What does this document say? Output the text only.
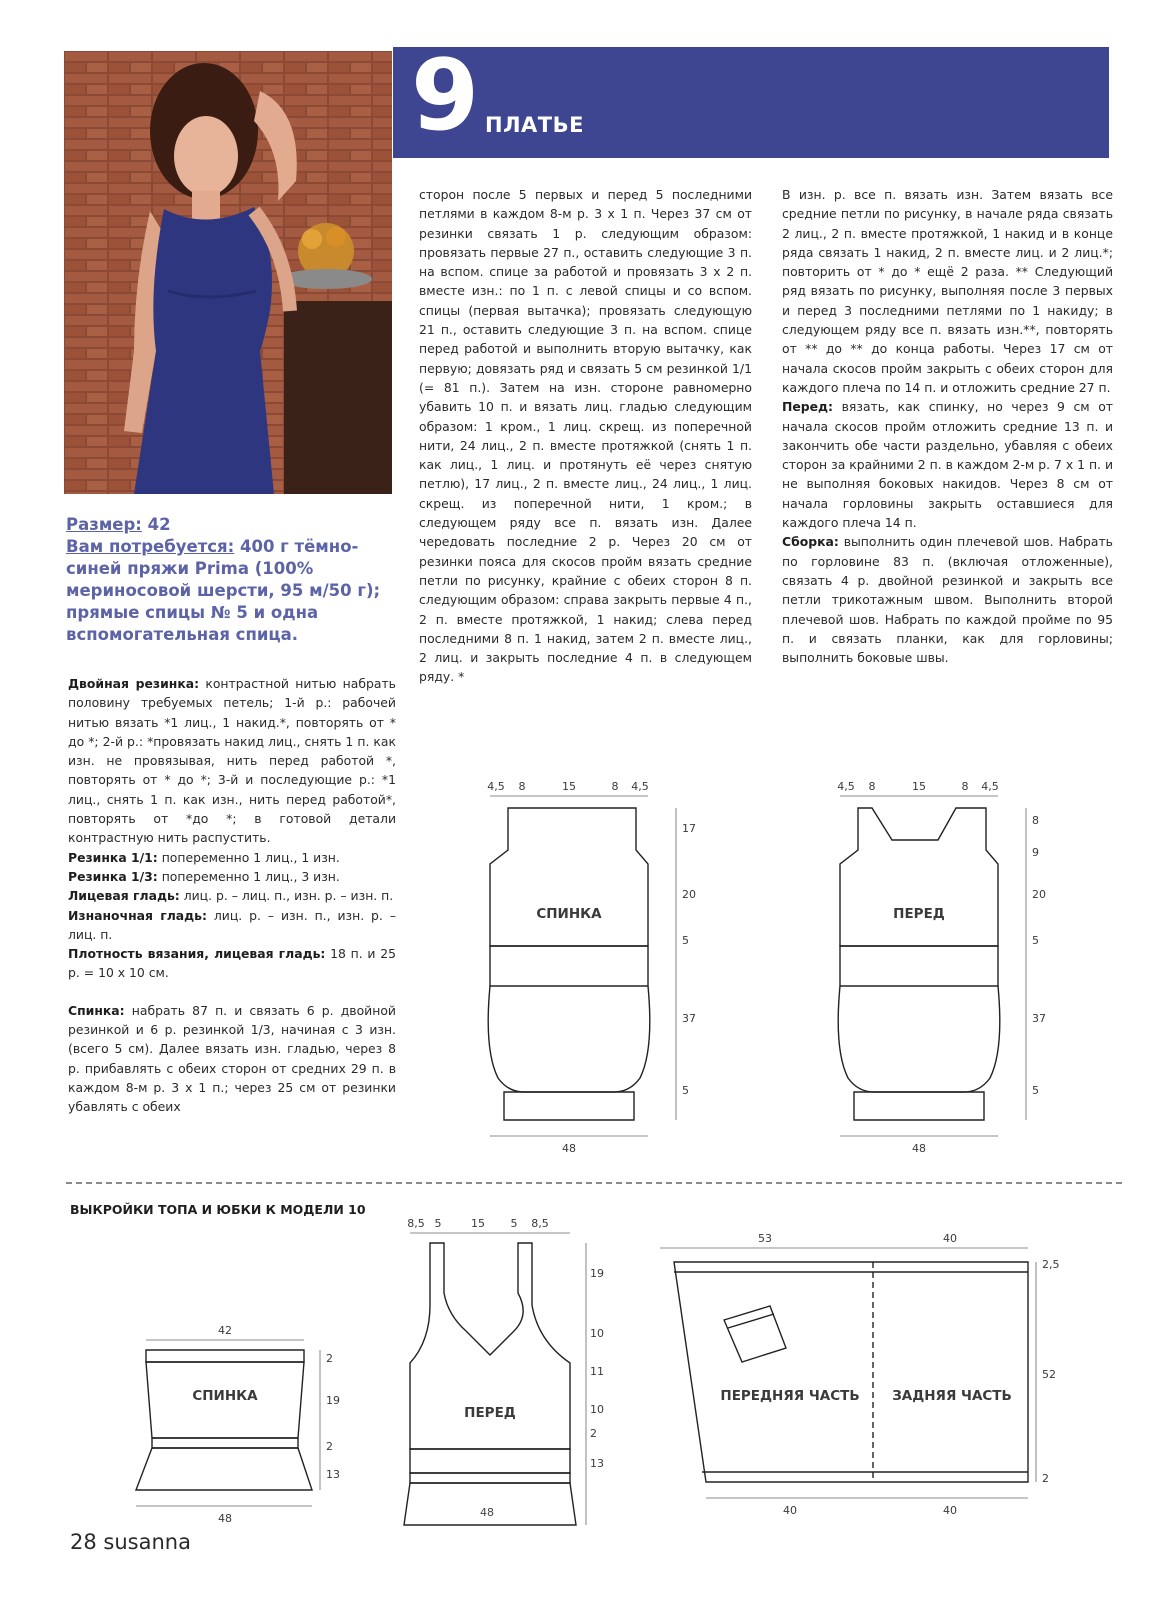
9 ПЛАТЬЕ
Размер: 42
Вам потребуется: 400 г тёмно-синей пряжи Prima (100% мериносовой шерсти, 95 м/50 г); прямые спицы № 5 и одна вспомогательная спица.

Двойная резинка: контрастной нитью набрать половину требуемых петель; 1-й р.: рабочей нитью вязать *1 лиц., 1 накид.*, повторять от * до *; 2-й р.: *провязать накид лиц., снять 1 п. как изн. не провязывая, нить перед работой *, повторять от * до *; 3-й и последующие р.: *1 лиц., снять 1 п. как изн., нить перед работой*, повторять от *до *; в готовой детали контрастную нить распустить.

Резинка 1/1: попеременно 1 лиц., 1 изн.

Резинка 1/3: попеременно 1 лиц., 3 изн.

Лицевая гладь: лиц. р. – лиц. п., изн. р. – изн. п.

Изнаночная гладь: лиц. р. – изн. п., изн. р. – лиц. п.

Плотность вязания, лицевая гладь: 18 п. и 25 р. = 10 х 10 см.

Спинка: набрать 87 п. и связать 6 р. двойной резинкой и 6 р. резинкой 1/3, начиная с 3 изн. (всего 5 см). Далее вязать изн. гладью, через 8 р. прибавлять с обеих сторон от средних 29 п. в каждом 8-м р. 3 х 1 п.; через 25 см от резинки убавлять с обеих

сторон после 5 первых и перед 5 последними петлями в каждом 8-м р. 3 х 1 п. Через 37 см от резинки связать 1 р. следующим образом: провязать первые 27 п., оставить следующие 3 п. на вспом. спице за работой и провязать 3 х 2 п. вместе изн.: по 1 п. с левой спицы и со вспом. спицы (первая вытачка); провязать следующую 21 п., оставить следующие 3 п. на вспом. спице перед работой и выполнить вторую вытачку, как первую; довязать ряд и связать 5 см резинкой 1/1 (= 81 п.). Затем на изн. стороне равномерно убавить 10 п. и вязать лиц. гладью следующим образом: 1 кром., 1 лиц. скрещ. из поперечной нити, 24 лиц., 2 п. вместе протяжкой (снять 1 п. как лиц., 1 лиц. и протянуть её через снятую петлю), 17 лиц., 2 п. вместе лиц., 24 лиц., 1 лиц. скрещ. из поперечной нити, 1 кром.; в следующем ряду все п. вязать изн. Далее чередовать последние 2 р. Через 20 см от резинки пояса для скосов пройм вязать средние петли по рисунку, крайние с обеих сторон 8 п. следующим образом: справа закрыть первые 4 п., 2 п. вместе протяжкой, 1 накид; слева перед последними 8 п. 1 накид, затем 2 п. вместе лиц., 2 лиц. и закрыть последние 4 п. в следующем ряду. *

В изн. р. все п. вязать изн. Затем вязать все средние петли по рисунку, в начале ряда связать 2 лиц., 2 п. вместе протяжкой, 1 накид и в конце ряда связать 1 накид, 2 п. вместе лиц. и 2 лиц.*; повторить от * до * ещё 2 раза. ** Следующий ряд вязать по рисунку, выполняя после 3 первых и перед 3 последними петлями по 1 накиду; в следующем ряду все п. вязать изн.**, повторять от ** до ** до конца работы. Через 17 см от начала скосов пройм закрыть с обеих сторон для каждого плеча по 14 п. и отложить средние 27 п.

Перед: вязать, как спинку, но через 9 см от начала скосов пройм отложить средние 13 п. и закончить обе части раздельно, убавляя с обеих сторон за крайними 2 п. в каждом 2-м р. 7 х 1 п. и не выполняя боковых накидов. Через 8 см от начала горловины закрыть оставшиеся для каждого плеча 14 п.

Сборка: выполнить один плечевой шов. Набрать по горловине 83 п. (включая отложенные), связать 4 р. двойной резинкой и закрыть все петли трикотажным швом. Выполнить второй плечевой шов. Набрать по каждой пройме по 95 п. и связать планки, как для горловины; выполнить боковые швы.

СПИНКА
4,5 8	15	8 4,5
17
20
5
37
5
48
ПЕРЕД
4,5 8	15	8 4,5
8
9
20
5
37
5
48
ВЫКРОЙКИ ТОПА И ЮБКИ К МОДЕЛИ 10
42
СПИНКА
2
19
2
13
48
8,5 5	15 5 8,5
ПЕРЕД
19
10
11
10
2
13
48
53	40
ПЕРЕДНЯЯ ЧАСТЬ ЗАДНЯЯ ЧАСТЬ
2,5
52
2
40	40
28 susanna
